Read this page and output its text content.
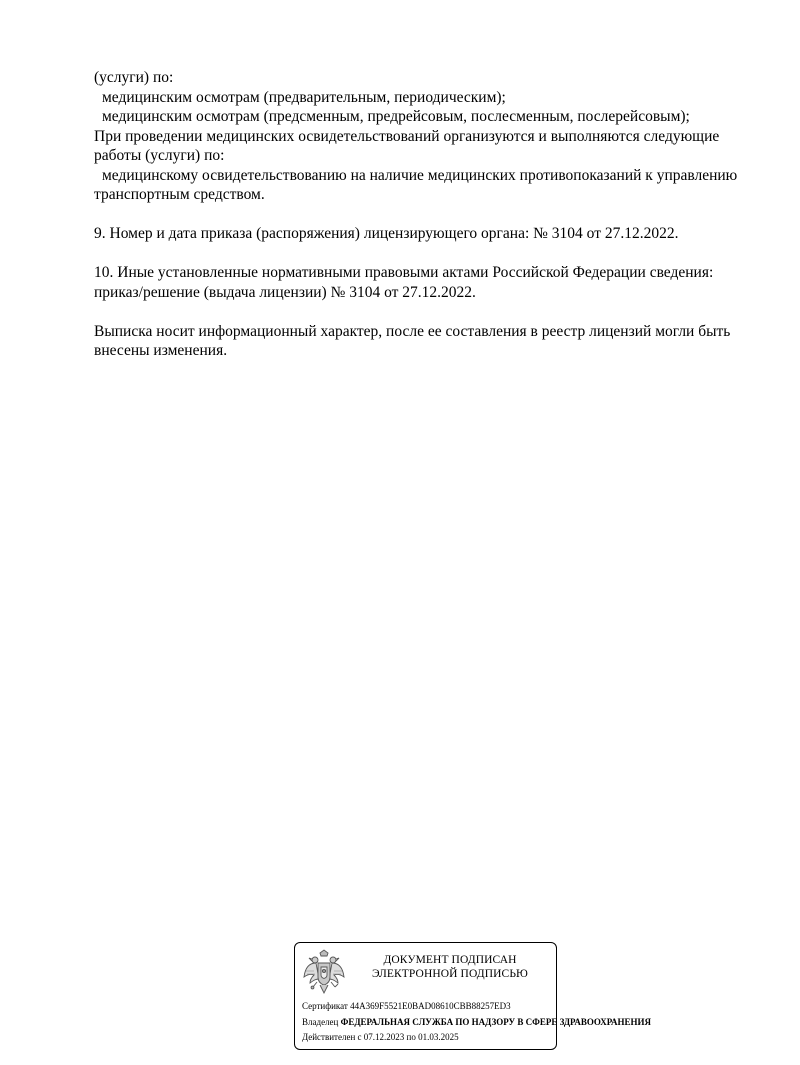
(услуги) по:
медицинским осмотрам (предварительным, периодическим);
медицинским осмотрам (предсменным, предрейсовым, послесменным, послерейсовым);
При проведении медицинских освидетельствований организуются и выполняются следующие
работы (услуги) по:
медицинскому освидетельствованию на наличие медицинских противопоказаний к управлению
транспортным средством.
9. Номер и дата приказа (распоряжения) лицензирующего органа: № 3104 от 27.12.2022.
10. Иные установленные нормативными правовыми актами Российской Федерации сведения:
приказ/решение (выдача лицензии) № 3104 от 27.12.2022.
Выписка носит информационный характер, после ее составления в реестр лицензий могли быть
внесены изменения.
ДОКУМЕНТ ПОДПИСАН
ЭЛЕКТРОННОЙ ПОДПИСЬЮ
Сертификат 44A369F5521E0BAD08610CBB88257ED3
Владелец ФЕДЕРАЛЬНАЯ СЛУЖБА ПО НАДЗОРУ В СФЕРЕ ЗДРАВООХРАНЕНИЯ
Действителен с 07.12.2023 по 01.03.2025
